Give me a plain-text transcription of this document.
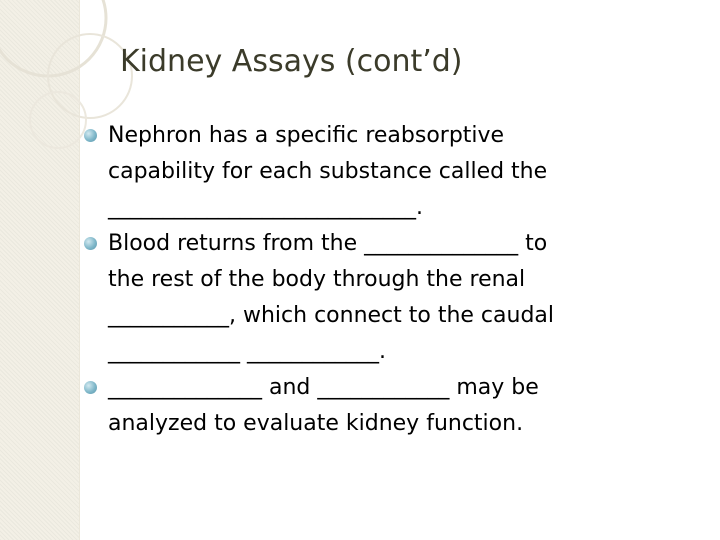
Kidney Assays (cont’d)
Nephron has a specific reabsorptive
capability for each substance called the
____________________________.
Blood returns from the ______________ to
the rest of the body through the renal
___________, which connect to the caudal
____________ ____________.
______________ and ____________ may be
analyzed to evaluate kidney function.
